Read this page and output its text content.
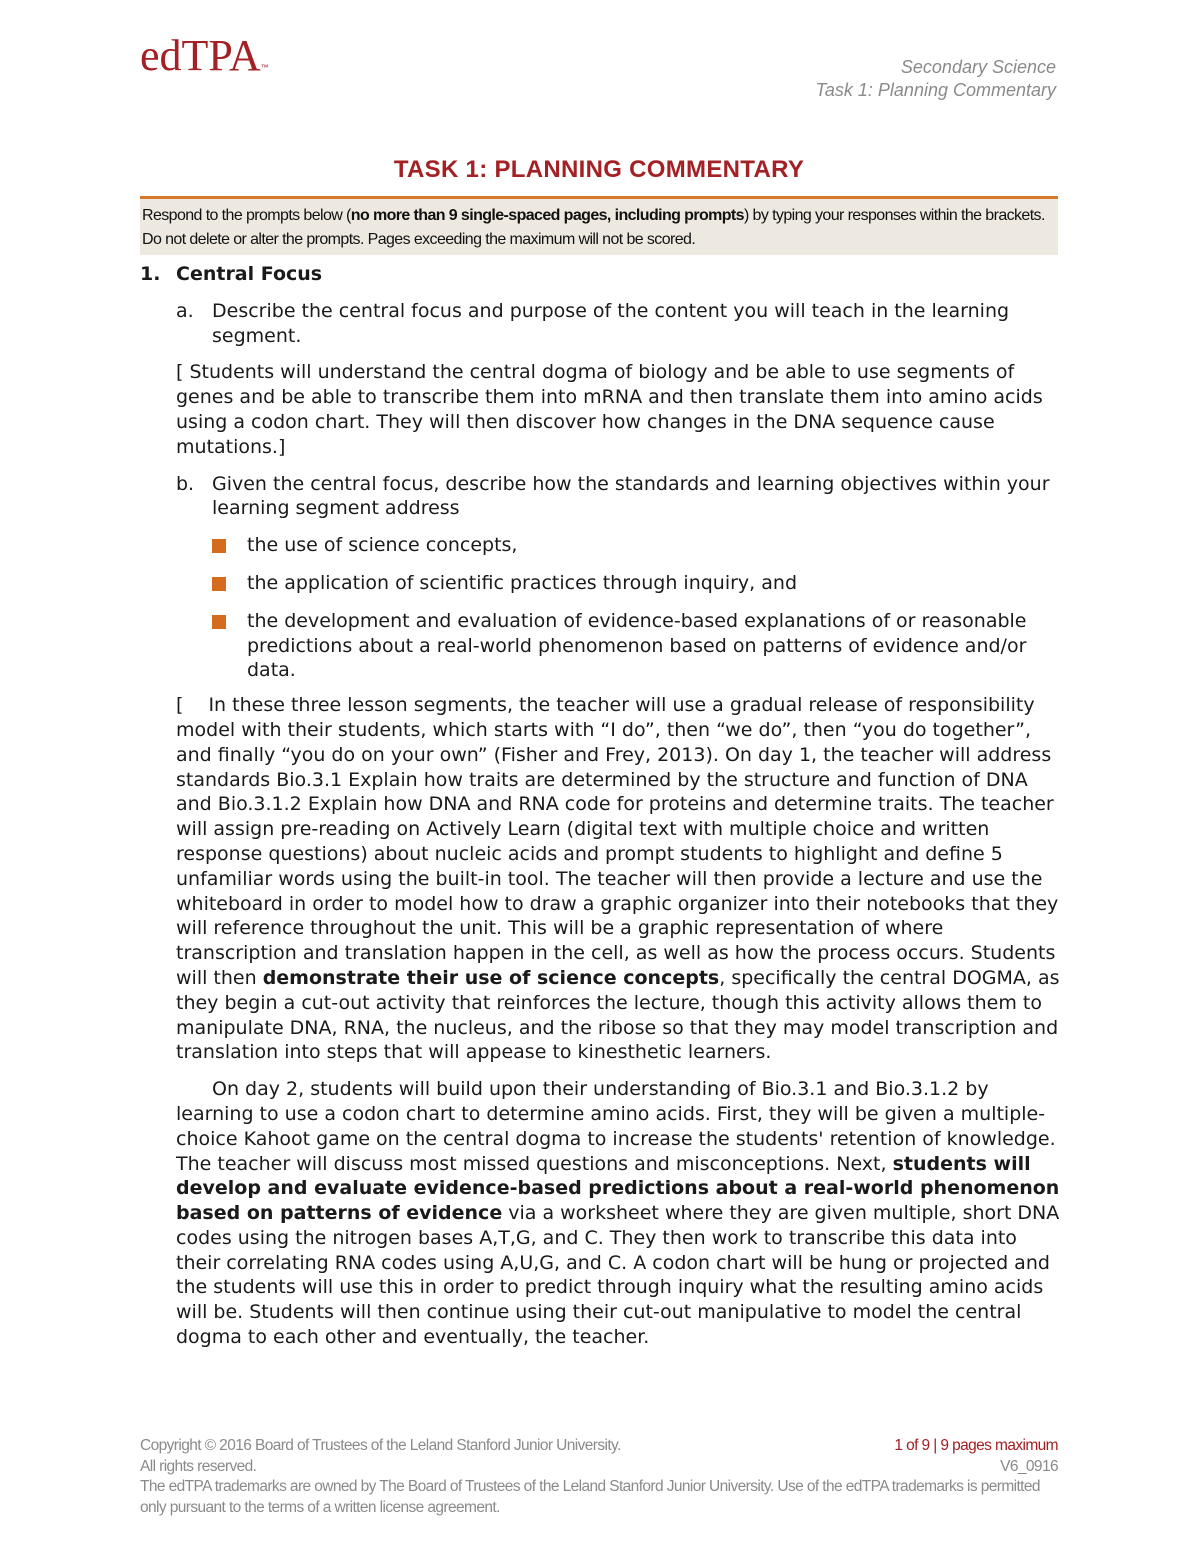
edTPA™	Secondary Science
Task 1: Planning Commentary
TASK 1: PLANNING COMMENTARY
Respond to the prompts below (no more than 9 single-spaced pages, including prompts) by typing your responses within the brackets. Do not delete or alter the prompts. Pages exceeding the maximum will not be scored.
1. Central Focus
a. Describe the central focus and purpose of the content you will teach in the learning segment.
[ Students will understand the central dogma of biology and be able to use segments of genes and be able to transcribe them into mRNA and then translate them into amino acids using a codon chart. They will then discover how changes in the DNA sequence cause mutations.]
b. Given the central focus, describe how the standards and learning objectives within your learning segment address
the use of science concepts,
the application of scientific practices through inquiry, and
the development and evaluation of evidence-based explanations of or reasonable predictions about a real-world phenomenon based on patterns of evidence and/or data.
[  In these three lesson segments, the teacher will use a gradual release of responsibility model with their students, which starts with “I do”, then “we do”, then “you do together”, and finally “you do on your own” (Fisher and Frey, 2013). On day 1, the teacher will address standards Bio.3.1 Explain how traits are determined by the structure and function of DNA and Bio.3.1.2 Explain how DNA and RNA code for proteins and determine traits. The teacher will assign pre-reading on Actively Learn (digital text with multiple choice and written response questions) about nucleic acids and prompt students to highlight and define 5 unfamiliar words using the built-in tool. The teacher will then provide a lecture and use the whiteboard in order to model how to draw a graphic organizer into their notebooks that they will reference throughout the unit. This will be a graphic representation of where transcription and translation happen in the cell, as well as how the process occurs. Students will then demonstrate their use of science concepts, specifically the central DOGMA, as they begin a cut-out activity that reinforces the lecture, though this activity allows them to manipulate DNA, RNA, the nucleus, and the ribose so that they may model transcription and translation into steps that will appease to kinesthetic learners.
On day 2, students will build upon their understanding of Bio.3.1 and Bio.3.1.2 by learning to use a codon chart to determine amino acids. First, they will be given a multiple-choice Kahoot game on the central dogma to increase the students' retention of knowledge. The teacher will discuss most missed questions and misconceptions. Next, students will develop and evaluate evidence-based predictions about a real-world phenomenon based on patterns of evidence via a worksheet where they are given multiple, short DNA codes using the nitrogen bases A,T,G, and C. They then work to transcribe this data into their correlating RNA codes using A,U,G, and C. A codon chart will be hung or projected and the students will use this in order to predict through inquiry what the resulting amino acids will be. Students will then continue using their cut-out manipulative to model the central dogma to each other and eventually, the teacher.
Copyright © 2016 Board of Trustees of the Leland Stanford Junior University.	1 of 9 | 9 pages maximum
All rights reserved.	V6_0916
The edTPA trademarks are owned by The Board of Trustees of the Leland Stanford Junior University. Use of the edTPA trademarks is permitted only pursuant to the terms of a written license agreement.
